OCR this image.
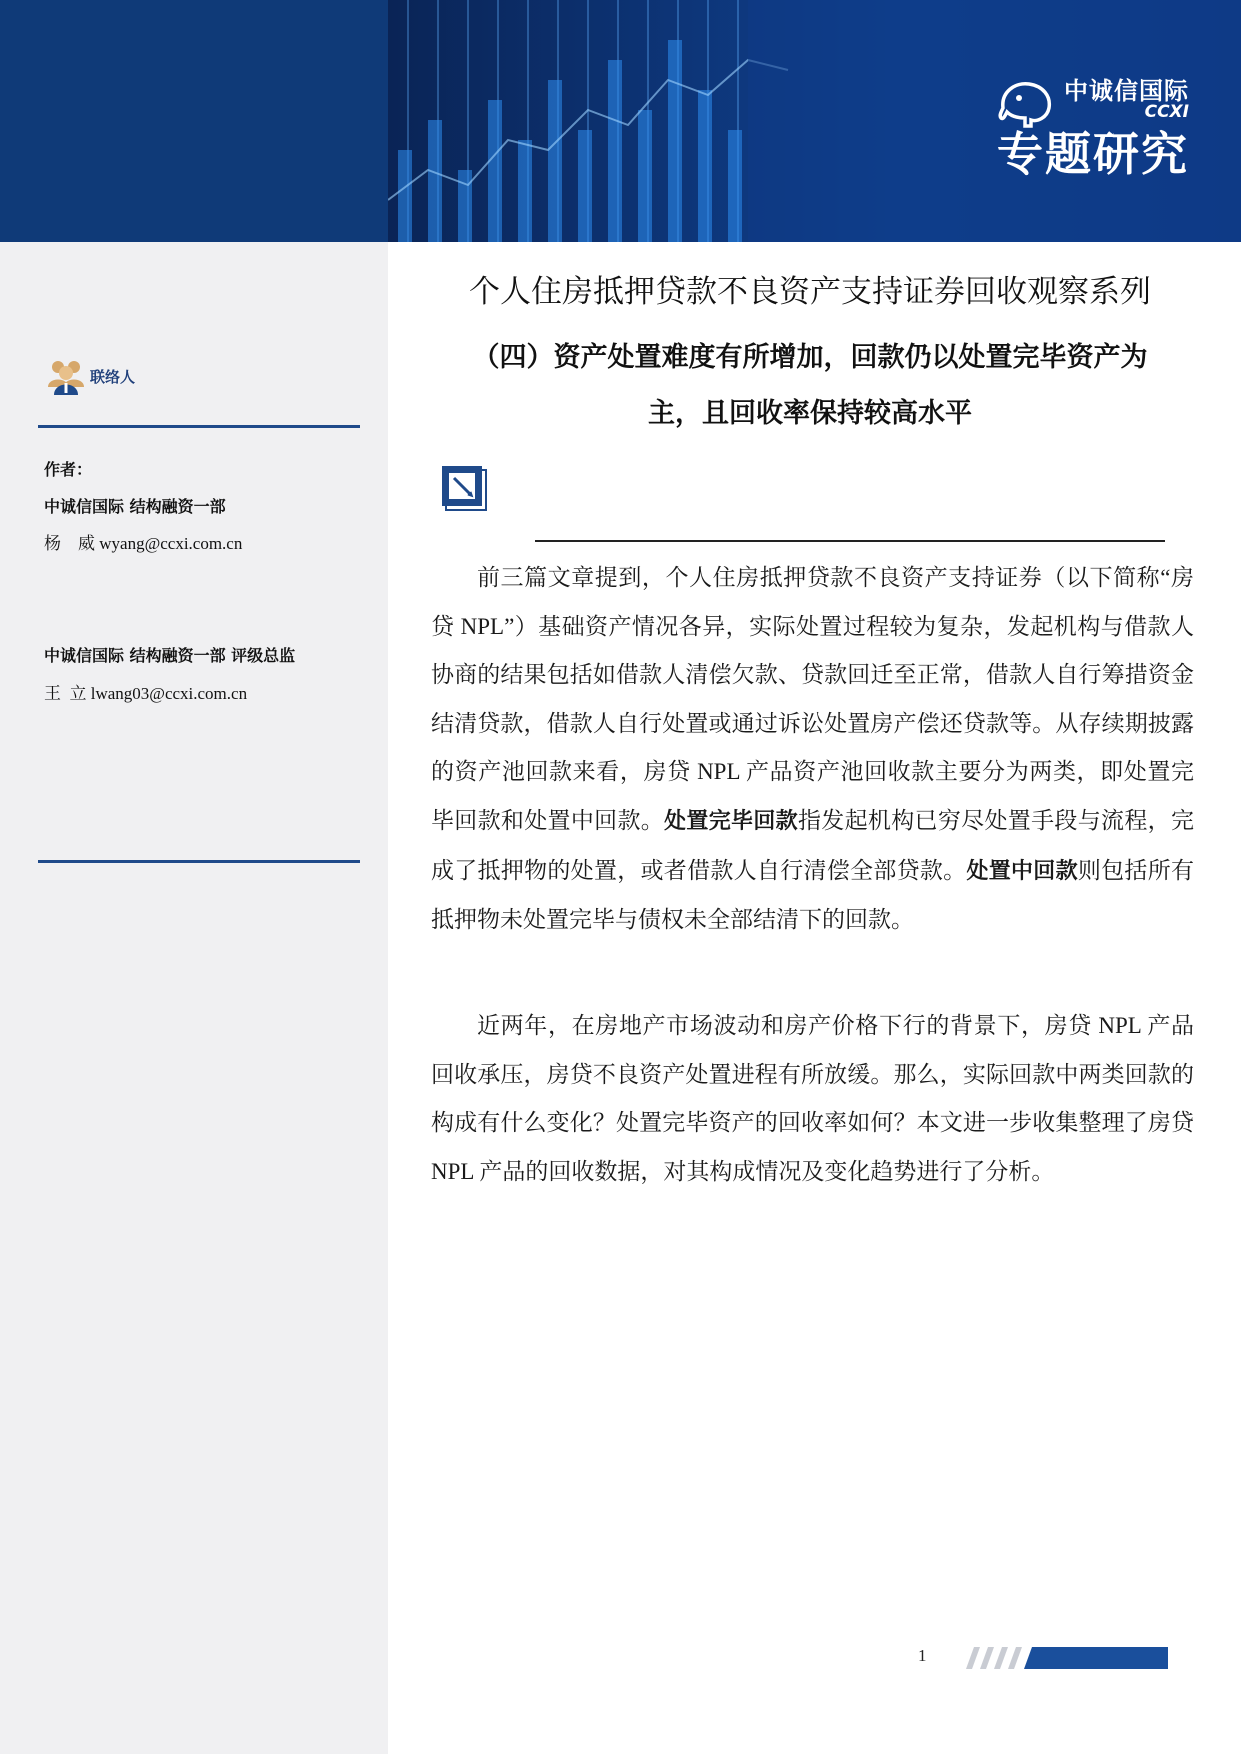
中诚信国际
CCXI
专题研究
联络人
作者：
中诚信国际 结构融资一部
杨    威 wyang@ccxi.com.cn
中诚信国际 结构融资一部 评级总监
王  立 lwang03@ccxi.com.cn
个人住房抵押贷款不良资产支持证券回收观察系列
（四）资产处置难度有所增加，回款仍以处置完毕资产为
主，且回收率保持较高水平

前三篇文章提到，个人住房抵押贷款不良资产支持证券（以下简称“房贷 NPL”）基础资产情况各异，实际处置过程较为复杂，发起机构与借款人协商的结果包括如借款人清偿欠款、贷款回迁至正常，借款人自行筹措资金结清贷款，借款人自行处置或通过诉讼处置房产偿还贷款等。从存续期披露的资产池回款来看，房贷 NPL 产品资产池回收款主要分为两类，即处置完毕回款和处置中回款。处置完毕回款指发起机构已穷尽处置手段与流程，完成了抵押物的处置，或者借款人自行清偿全部贷款。处置中回款则包括所有抵押物未处置完毕与债权未全部结清下的回款。

近两年，在房地产市场波动和房产价格下行的背景下，房贷 NPL 产品回收承压，房贷不良资产处置进程有所放缓。那么，实际回款中两类回款的构成有什么变化？处置完毕资产的回收率如何？本文进一步收集整理了房贷 NPL 产品的回收数据，对其构成情况及变化趋势进行了分析。

1
